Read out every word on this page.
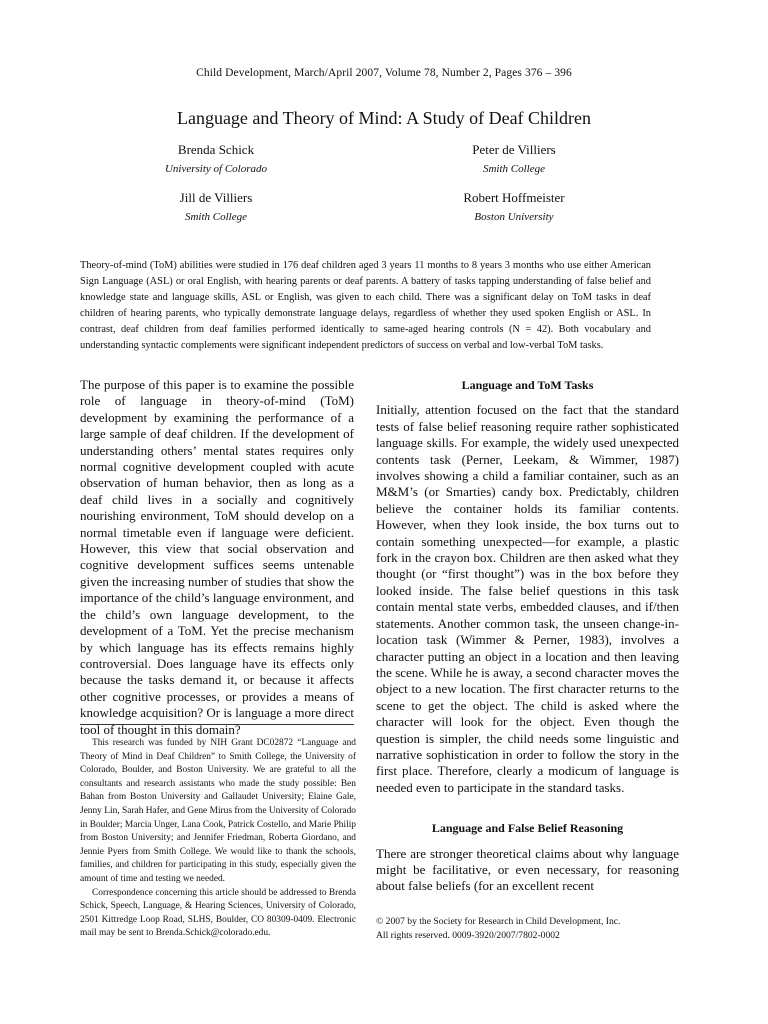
Child Development, March/April 2007, Volume 78, Number 2, Pages 376 – 396
Language and Theory of Mind: A Study of Deaf Children
Brenda Schick
University of Colorado
Peter de Villiers
Smith College
Jill de Villiers
Smith College
Robert Hoffmeister
Boston University
Theory-of-mind (ToM) abilities were studied in 176 deaf children aged 3 years 11 months to 8 years 3 months who use either American Sign Language (ASL) or oral English, with hearing parents or deaf parents. A battery of tasks tapping understanding of false belief and knowledge state and language skills, ASL or English, was given to each child. There was a significant delay on ToM tasks in deaf children of hearing parents, who typically demonstrate language delays, regardless of whether they used spoken English or ASL. In contrast, deaf children from deaf families performed identically to same-aged hearing controls (N = 42). Both vocabulary and understanding syntactic complements were significant independent predictors of success on verbal and low-verbal ToM tasks.

The purpose of this paper is to examine the possible role of language in theory-of-mind (ToM) development by examining the performance of a large sample of deaf children. If the development of understanding others’ mental states requires only normal cognitive development coupled with acute observation of human behavior, then as long as a deaf child lives in a socially and cognitively nourishing environment, ToM should develop on a normal timetable even if language were deficient. However, this view that social observation and cognitive development suffices seems untenable given the increasing number of studies that show the importance of the child’s language environment, and the child’s own language development, to the development of a ToM. Yet the precise mechanism by which language has its effects remains highly controversial. Does language have its effects only because the tasks demand it, or because it affects other cognitive processes, or provides a means of knowledge acquisition? Or is language a more direct tool of thought in this domain?

This research was funded by NIH Grant DC02872 “Language and Theory of Mind in Deaf Children” to Smith College, the University of Colorado, Boulder, and Boston University. We are grateful to all the consultants and research assistants who made the study possible: Ben Bahan from Boston University and Gallaudet University; Elaine Gale, Jenny Lin, Sarah Hafer, and Gene Mirus from the University of Colorado in Boulder; Marcia Unger, Lana Cook, Patrick Costello, and Marie Philip from Boston University; and Jennifer Friedman, Roberta Giordano, and Jennie Pyers from Smith College. We would like to thank the schools, families, and children for participating in this study, especially given the amount of time and testing we needed.

Correspondence concerning this article should be addressed to Brenda Schick, Speech, Language, & Hearing Sciences, University of Colorado, 2501 Kittredge Loop Road, SLHS, Boulder, CO 80309-0409. Electronic mail may be sent to Brenda.Schick@colorado.edu.

Language and ToM Tasks

Initially, attention focused on the fact that the standard tests of false belief reasoning require rather sophisticated language skills. For example, the widely used unexpected contents task (Perner, Leekam, & Wimmer, 1987) involves showing a child a familiar container, such as an M&M’s (or Smarties) candy box. Predictably, children believe the container holds its familiar contents. However, when they look inside, the box turns out to contain something unexpected—for example, a plastic fork in the crayon box. Children are then asked what they thought (or “first thought”) was in the box before they looked inside. The false belief questions in this task contain mental state verbs, embedded clauses, and if/then statements. Another common task, the unseen change-in-location task (Wimmer & Perner, 1983), involves a character putting an object in a location and then leaving the scene. While he is away, a second character moves the object to a new location. The first character returns to the scene to get the object. The child is asked where the character will look for the object. Even though the question is simpler, the child needs some linguistic and narrative sophistication in order to follow the story in the first place. Therefore, clearly a modicum of language is needed even to participate in the standard tasks.

Language and False Belief Reasoning

There are stronger theoretical claims about why language might be facilitative, or even necessary, for reasoning about false beliefs (for an excellent recent

© 2007 by the Society for Research in Child Development, Inc.
All rights reserved. 0009-3920/2007/7802-0002
